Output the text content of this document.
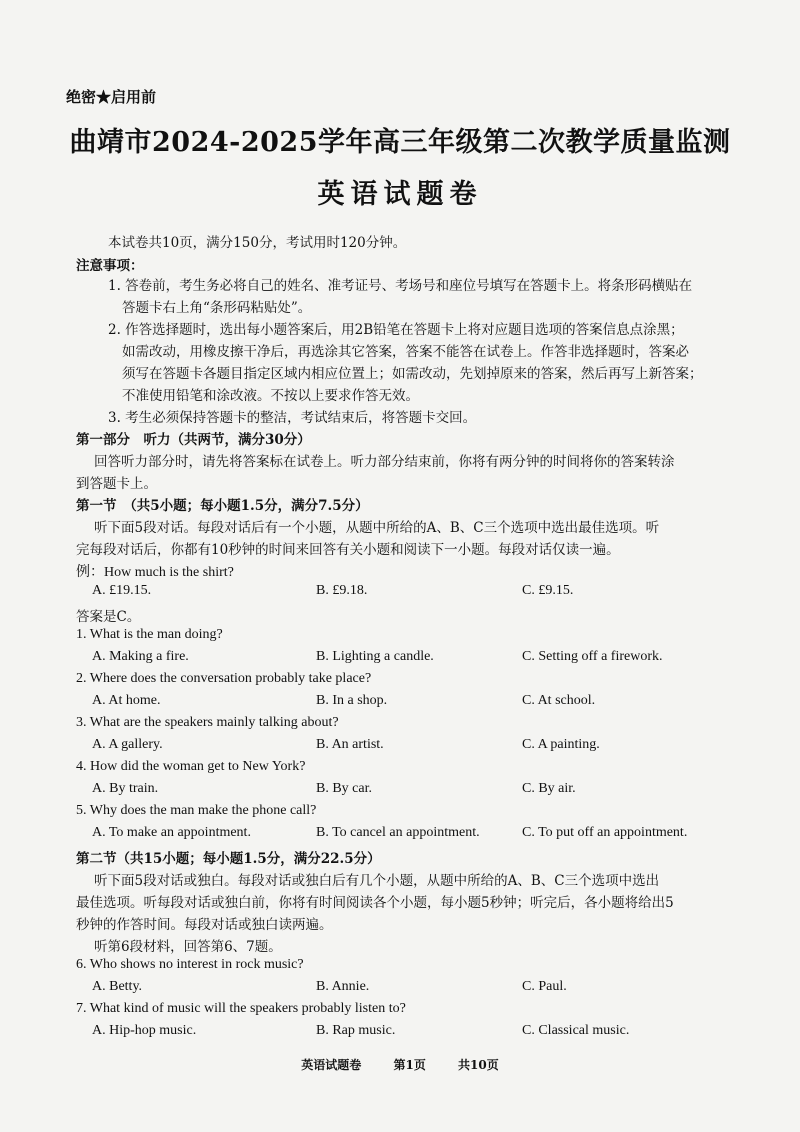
绝密★启用前
曲靖市2024-2025学年高三年级第二次教学质量监测
英语试题卷
本试卷共10页，满分150分，考试用时120分钟。
注意事项：
1. 答卷前，考生务必将自己的姓名、准考证号、考场号和座位号填写在答题卡上。将条形码横贴在
答题卡右上角“条形码粘贴处”。
2. 作答选择题时，选出每小题答案后，用2B铅笔在答题卡上将对应题目选项的答案信息点涂黑；
如需改动，用橡皮擦干净后，再选涂其它答案，答案不能答在试卷上。作答非选择题时，答案必
须写在答题卡各题目指定区域内相应位置上；如需改动，先划掉原来的答案，然后再写上新答案；
不准使用铅笔和涂改液。不按以上要求作答无效。
3. 考生必须保持答题卡的整洁，考试结束后，将答题卡交回。
第一部分　听力（共两节，满分30分）
回答听力部分时，请先将答案标在试卷上。听力部分结束前，你将有两分钟的时间将你的答案转涂
到答题卡上。
第一节　（共5小题；每小题1.5分，满分7.5分）
听下面5段对话。每段对话后有一个小题，从题中所给的A、B、C三个选项中选出最佳选项。听
完每段对话后，你都有10秒钟的时间来回答有关小题和阅读下一小题。每段对话仅读一遍。
例：How much is the shirt?
A. £19.15.	B. £9.18.	C. £9.15.
答案是C。
1. What is the man doing?
A. Making a fire.	B. Lighting a candle.	C. Setting off a firework.
2. Where does the conversation probably take place?
A. At home.	B. In a shop.	C. At school.
3. What are the speakers mainly talking about?
A. A gallery.	B. An artist.	C. A painting.
4. How did the woman get to New York?
A. By train.	B. By car.	C. By air.
5. Why does the man make the phone call?
A. To make an appointment.	B. To cancel an appointment.	C. To put off an appointment.
第二节（共15小题；每小题1.5分，满分22.5分）
听下面5段对话或独白。每段对话或独白后有几个小题，从题中所给的A、B、C三个选项中选出
最佳选项。听每段对话或独白前，你将有时间阅读各个小题，每小题5秒钟；听完后，各小题将给出5
秒钟的作答时间。每段对话或独白读两遍。
听第6段材料，回答第6、7题。
6. Who shows no interest in rock music?
A. Betty.	B. Annie.	C. Paul.
7. What kind of music will the speakers probably listen to?
A. Hip-hop music.	B. Rap music.	C. Classical music.
英语试题卷	第1页	共10页
